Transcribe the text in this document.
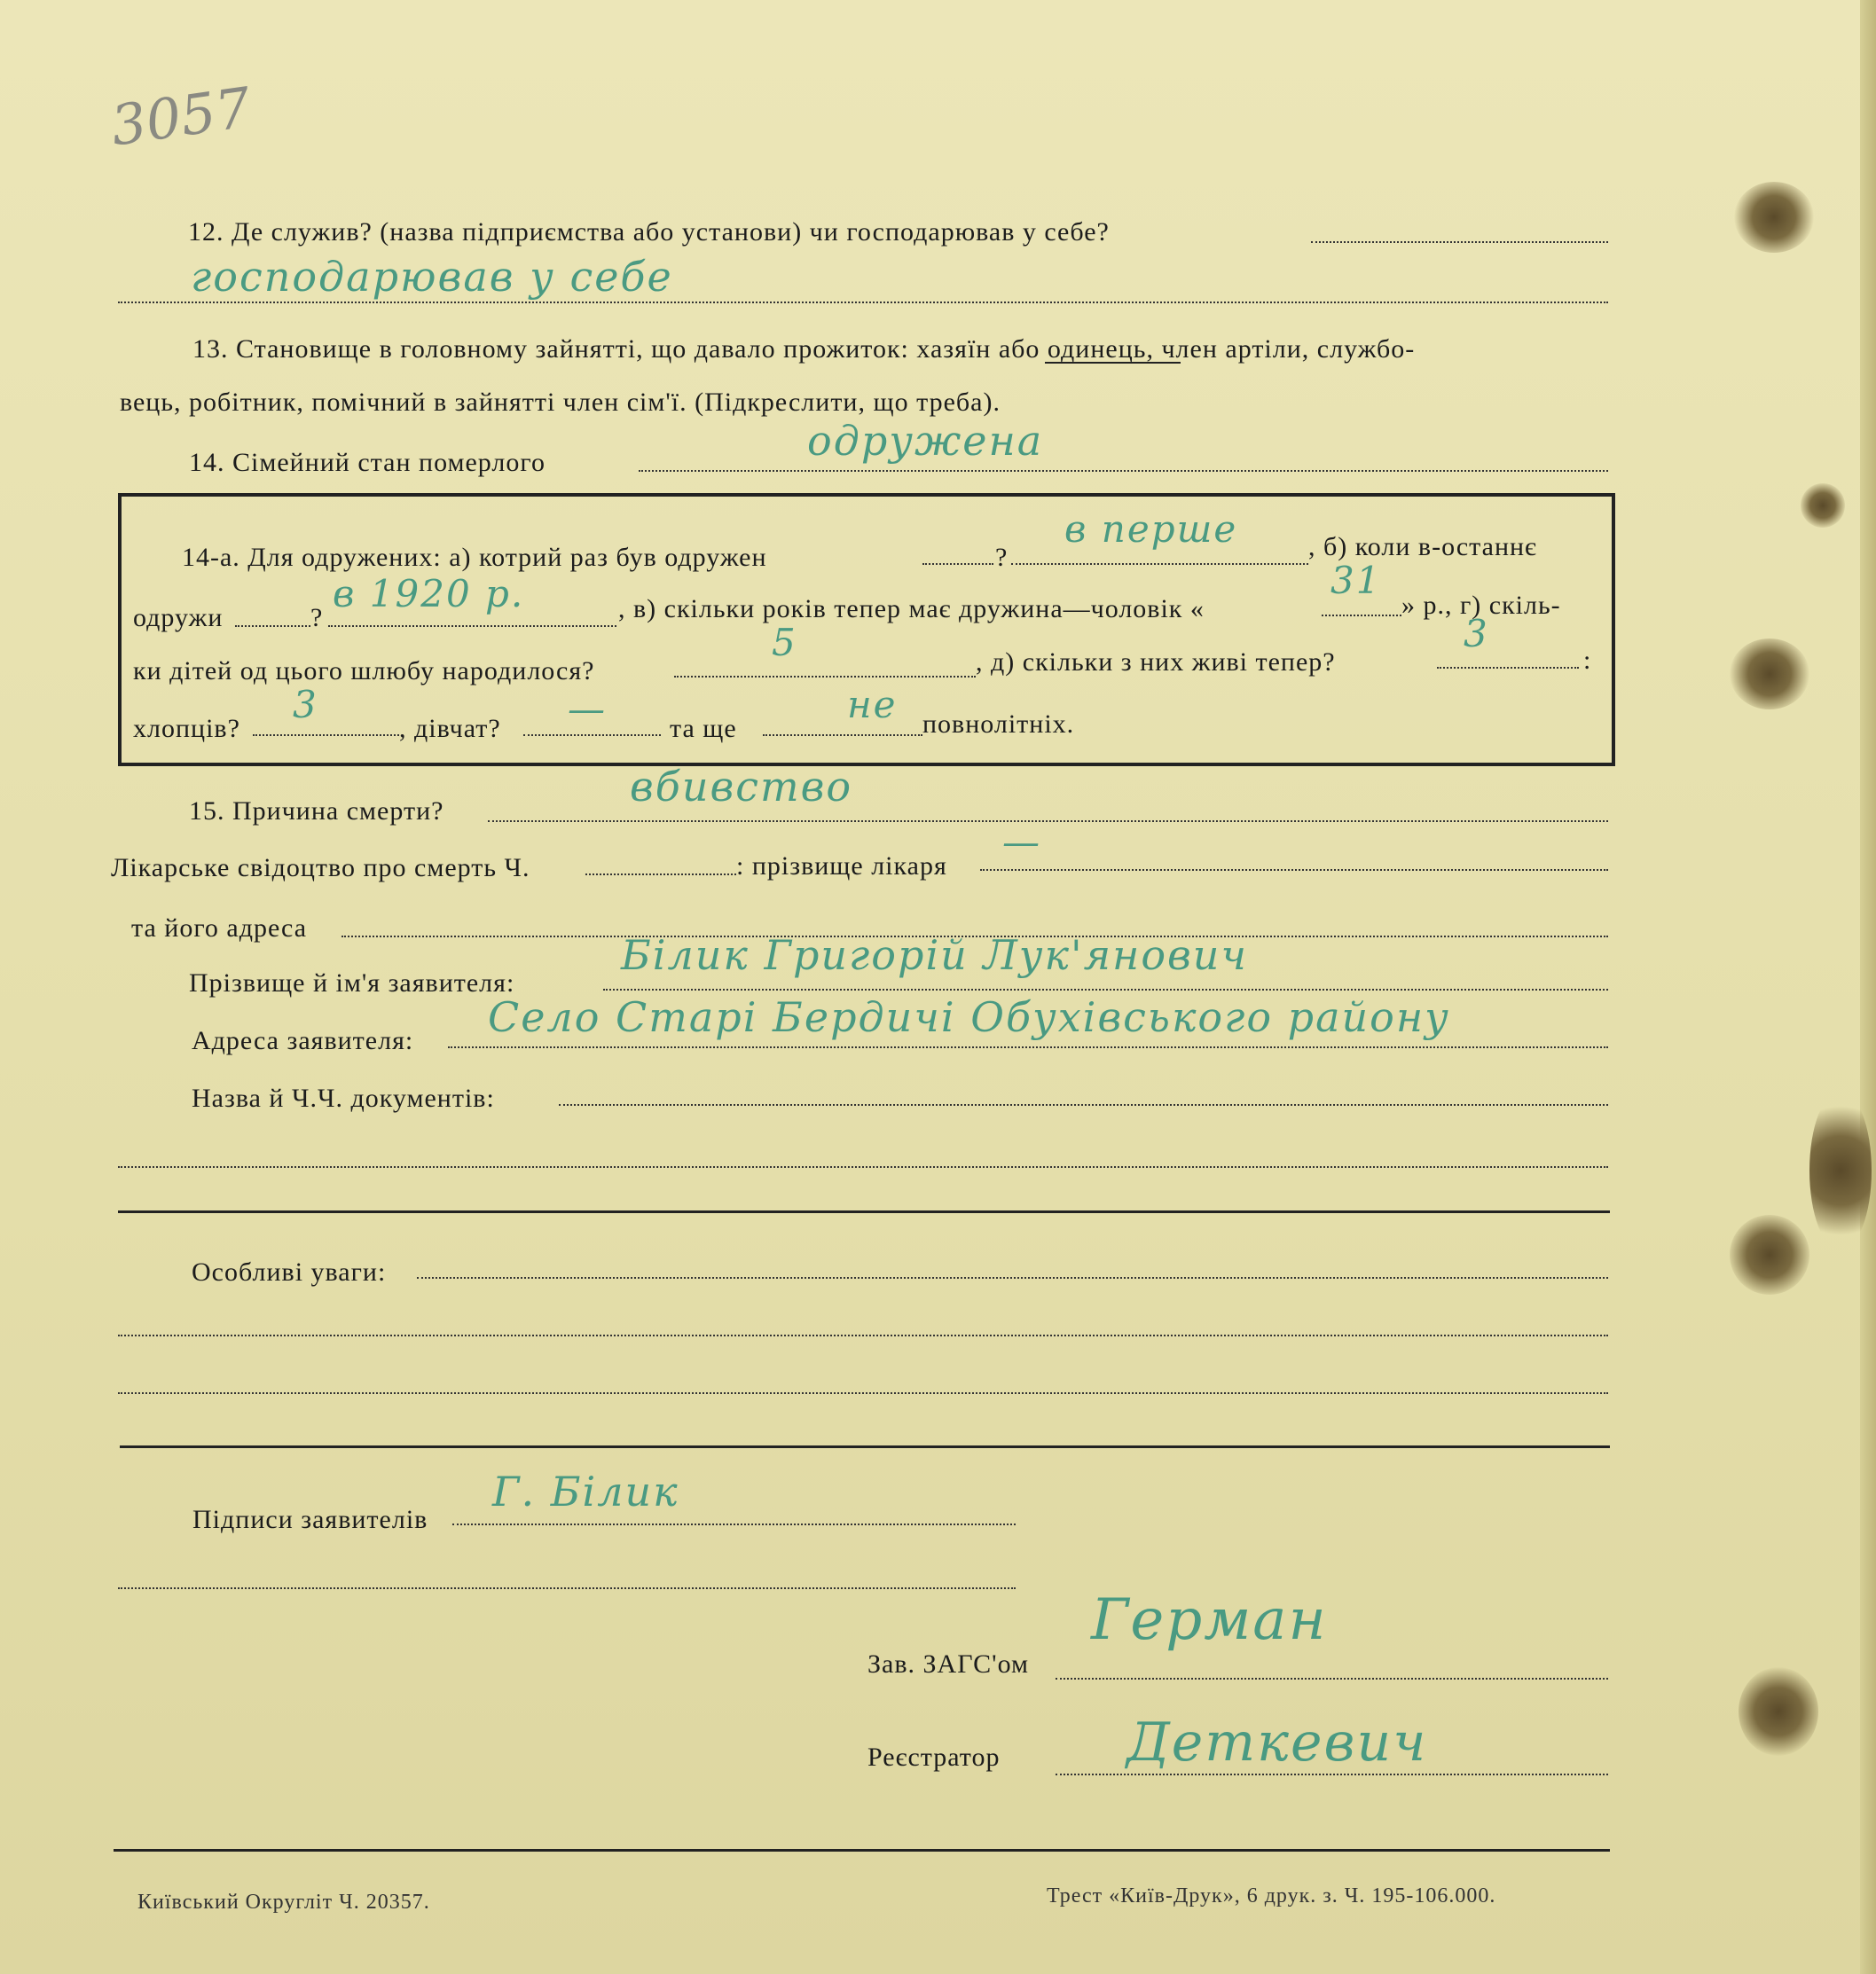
3057
12. Де служив? (назва підприємства або установи) чи господарював у себе?
господарював у себе
13. Становище в головному зайнятті, що давало прожиток: хазяїн або одинець, член артіли, службо-
вець, робітник, помічний в зайнятті член сім'ї. (Підкреслити, що треба).
14. Сімейний стан померлого	одружена
14-а. Для одружених: а) котрий раз був одружен	?
в перше	, б) коли в-останнє
одружи	?
в 1920 р.	, в) скільки років тепер має дружина—чоловік «
31
» р., г) скіль-
ки дітей од цього шлюбу народилося?
5	, д) скільки з них живі тепер?
3
:
хлопців?
3
, дівчат? — та ще
не повнолітніх.
15. Причина смерти?
вбивство
Лікарське свідоцтво про смерть Ч.	: прізвище лікаря
—
та його адреса
Прізвище й ім'я заявителя:
Білик Григорій Лук'янович
Адреса заявителя: Село Старі Бердичі Обухівського району
Назва й Ч.Ч. документів:
Особливі уваги:
Підписи заявителів
Г. Білик
Зав. ЗАГС'ом
Герман
Реєстратор Деткевич
Київський Округліт Ч. 20357.	Трест «Київ-Друк», 6 друк. з. Ч. 195-106.000.
